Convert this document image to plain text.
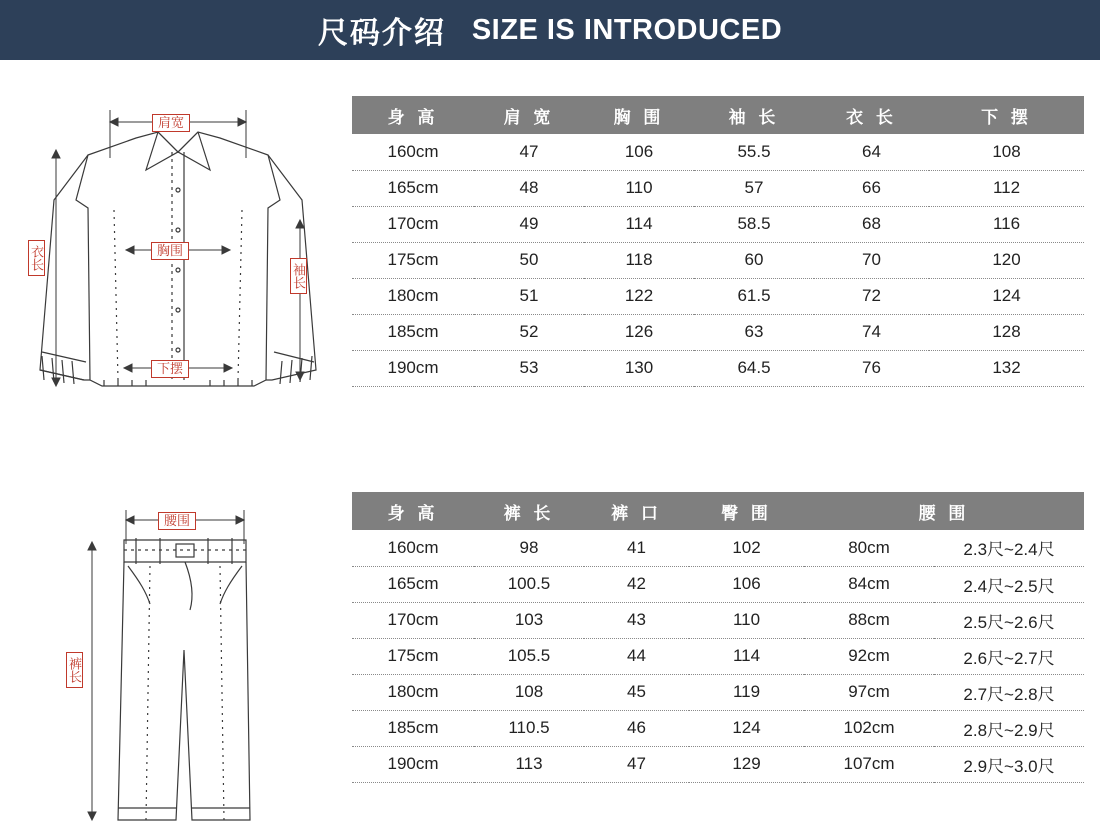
尺码介绍 SIZE IS INTRODUCED
肩宽
胸围
下摆
衣长
袖长
腰围
裤长
身 高	肩 宽	胸 围	袖 长	衣 长	下 摆
160cm	47	106	55.5	64	108
165cm	48	110	57	66	112
170cm	49	114	58.5	68	116
175cm	50	118	60	70	120
180cm	51	122	61.5	72	124
185cm	52	126	63	74	128
190cm	53	130	64.5	76	132
身 高	裤 长	裤 口	臀 围	腰 围	
160cm	98	41	102	80cm	2.3尺~2.4尺
165cm	100.5	42	106	84cm	2.4尺~2.5尺
170cm	103	43	110	88cm	2.5尺~2.6尺
175cm	105.5	44	114	92cm	2.6尺~2.7尺
180cm	108	45	119	97cm	2.7尺~2.8尺
185cm	110.5	46	124	102cm	2.8尺~2.9尺
190cm	113	47	129	107cm	2.9尺~3.0尺
